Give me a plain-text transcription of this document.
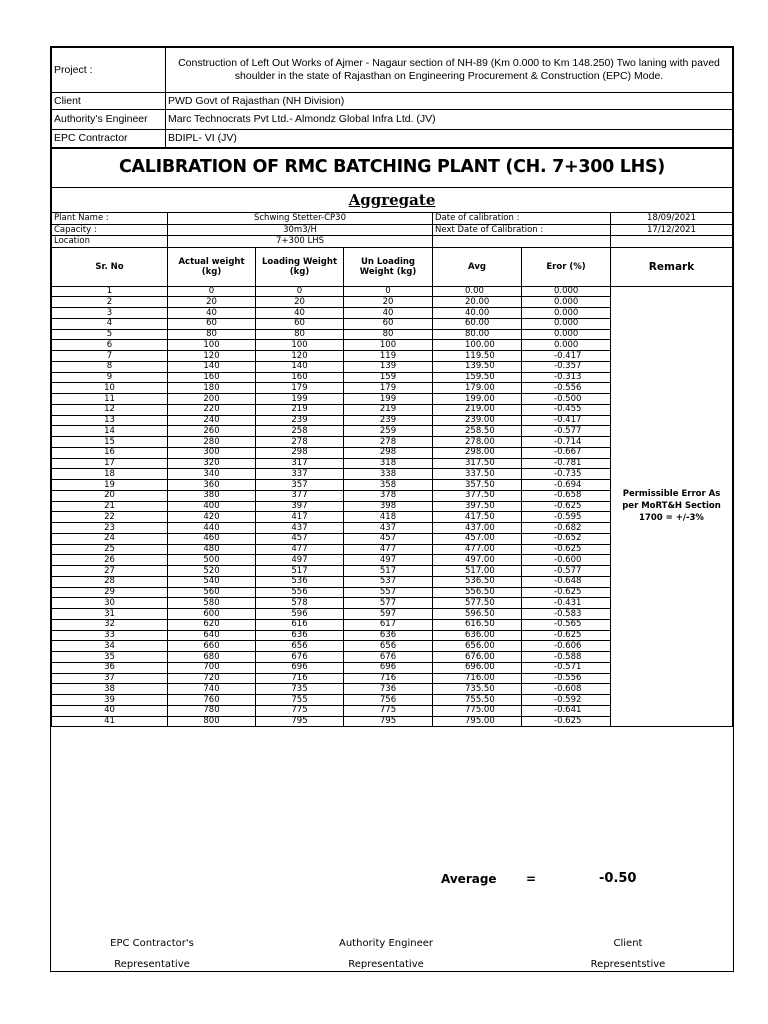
Project :	Construction of Left Out Works of Ajmer - Nagaur section of NH-89 (Km 0.000 to Km 148.250) Two laning with paved shoulder in the state of Rajasthan on Engineering Procurement & Construction (EPC) Mode.
Client	PWD Govt of Rajasthan (NH Division)
Authority's Engineer	Marc Technocrats Pvt Ltd.- Almondz Global Infra Ltd. (JV)
EPC Contractor	BDIPL- VI (JV)
CALIBRATION OF RMC BATCHING PLANT (CH. 7+300 LHS)						
Aggregate						
Plant Name :	Schwing Stetter-CP30			Date of calibration :		18/09/2021
Capacity :	30m3/H			Next Date of Calibration :		17/12/2021
Location	7+300 LHS					
Sr. No	Actual weight (kg)	Loading Weight (kg)	Un Loading Weight (kg)	Avg	Eror (%)	Remark
1	0	0	0	0.00	0.000	Permissible Error As per MoRT&H Section 1700 = +/-3%
2	20	20	20	20.00	0.000	
3	40	40	40	40.00	0.000	
4	60	60	60	60.00	0.000	
5	80	80	80	80.00	0.000	
6	100	100	100	100.00	0.000	
7	120	120	119	119.50	-0.417	
8	140	140	139	139.50	-0.357	
9	160	160	159	159.50	-0.313	
10	180	179	179	179.00	-0.556	
11	200	199	199	199.00	-0.500	
12	220	219	219	219.00	-0.455	
13	240	239	239	239.00	-0.417	
14	260	258	259	258.50	-0.577	
15	280	278	278	278.00	-0.714	
16	300	298	298	298.00	-0.667	
17	320	317	318	317.50	-0.781	
18	340	337	338	337.50	-0.735	
19	360	357	358	357.50	-0.694	
20	380	377	378	377.50	-0.658	
21	400	397	398	397.50	-0.625	
22	420	417	418	417.50	-0.595	
23	440	437	437	437.00	-0.682	
24	460	457	457	457.00	-0.652	
25	480	477	477	477.00	-0.625	
26	500	497	497	497.00	-0.600	
27	520	517	517	517.00	-0.577	
28	540	536	537	536.50	-0.648	
29	560	556	557	556.50	-0.625	
30	580	578	577	577.50	-0.431	
31	600	596	597	596.50	-0.583	
32	620	616	617	616.50	-0.565	
33	640	636	636	636.00	-0.625	
34	660	656	656	656.00	-0.606	
35	680	676	676	676.00	-0.588	
36	700	696	696	696.00	-0.571	
37	720	716	716	716.00	-0.556	
38	740	735	736	735.50	-0.608	
39	760	755	756	755.50	-0.592	
40	780	775	775	775.00	-0.641	
41	800	795	795	795.00	-0.625	
Average =	-0.50
EPC Contractor's
Representative
Authority Engineer
Representative
Client
Representstive
